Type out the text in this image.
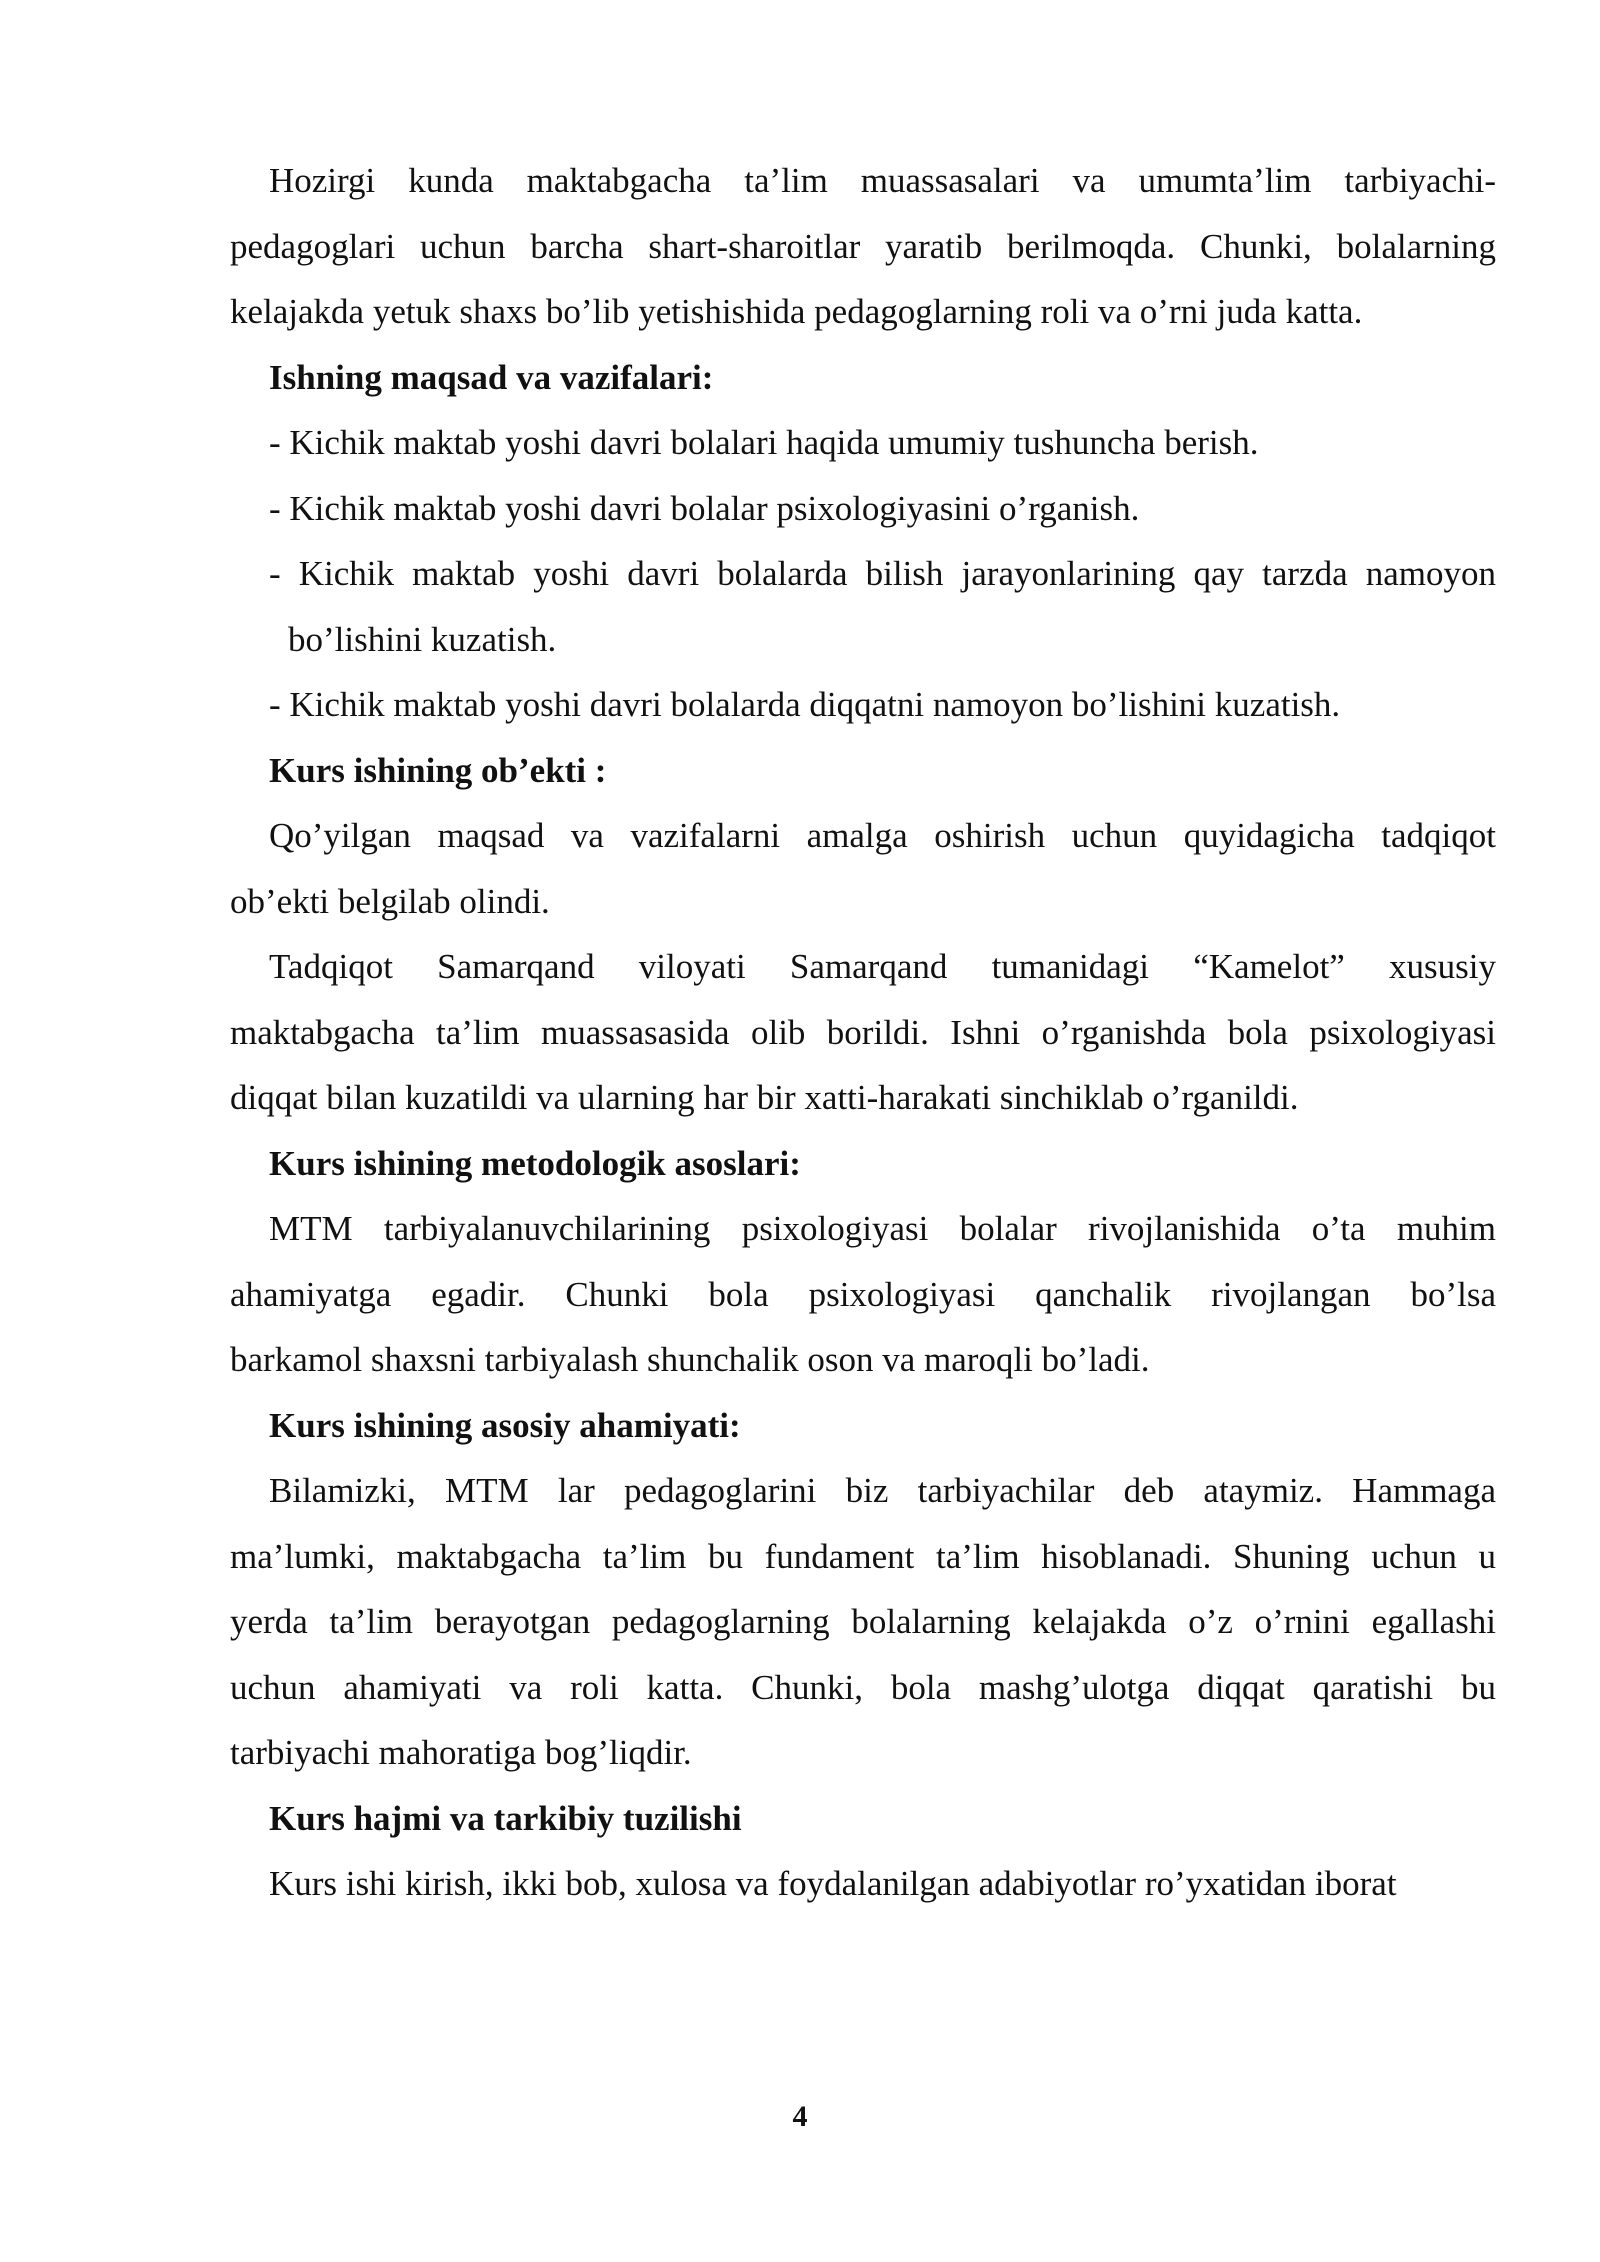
Hozirgi kunda maktabgacha ta’lim muassasalari va umumta’lim tarbiyachi-
pedagoglari uchun barcha shart-sharoitlar yaratib berilmoqda. Chunki, bolalarning
kelajakda yetuk shaxs bo’lib yetishishida pedagoglarning roli va o’rni juda katta.
Ishning maqsad va vazifalari:
- Kichik maktab yoshi davri bolalari haqida umumiy tushuncha berish.
- Kichik maktab yoshi davri bolalar psixologiyasini o’rganish.
- Kichik maktab yoshi davri bolalarda bilish jarayonlarining qay tarzda namoyon
bo’lishini kuzatish.
- Kichik maktab yoshi davri bolalarda diqqatni namoyon bo’lishini kuzatish.
Kurs ishining ob’ekti :
Qo’yilgan maqsad va vazifalarni amalga oshirish uchun quyidagicha tadqiqot
ob’ekti belgilab olindi.
Tadqiqot Samarqand viloyati Samarqand tumanidagi “Kamelot” xususiy
maktabgacha ta’lim muassasasida olib borildi. Ishni o’rganishda bola psixologiyasi
diqqat bilan kuzatildi va ularning har bir xatti-harakati sinchiklab o’rganildi.
Kurs ishining metodologik asoslari:
MTM tarbiyalanuvchilarining psixologiyasi bolalar rivojlanishida o’ta muhim
ahamiyatga egadir. Chunki bola psixologiyasi qanchalik rivojlangan bo’lsa
barkamol shaxsni tarbiyalash shunchalik oson va maroqli bo’ladi.
Kurs ishining asosiy ahamiyati:
Bilamizki, MTM lar pedagoglarini biz tarbiyachilar deb ataymiz. Hammaga
ma’lumki, maktabgacha ta’lim bu fundament ta’lim hisoblanadi. Shuning uchun u
yerda ta’lim berayotgan pedagoglarning bolalarning kelajakda o’z o’rnini egallashi
uchun ahamiyati va roli katta. Chunki, bola mashg’ulotga diqqat qaratishi bu
tarbiyachi mahoratiga bog’liqdir.
Kurs hajmi va tarkibiy tuzilishi
Kurs ishi kirish, ikki bob, xulosa va foydalanilgan adabiyotlar ro’yxatidan iborat
4
